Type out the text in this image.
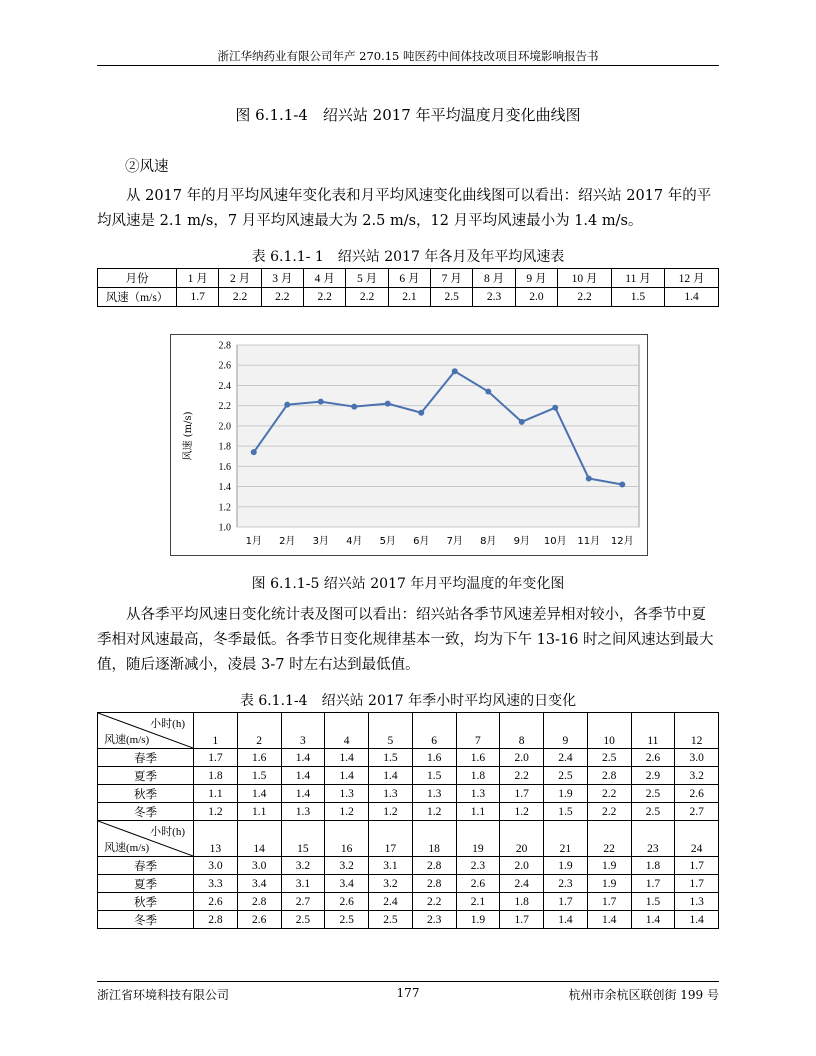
浙江华纳药业有限公司年产 270.15 吨医药中间体技改项目环境影响报告书
图 6.1.1-4　绍兴站 2017 年平均温度月变化曲线图
②风速
从 2017 年的月平均风速年变化表和月平均风速变化曲线图可以看出：绍兴站 2017 年的平均风速是 2.1 m/s，7 月平均风速最大为 2.5 m/s，12 月平均风速最小为 1.4 m/s。
表 6.1.1- 1　绍兴站 2017 年各月及年平均风速表
月份	1 月	2 月	3 月	4 月	5 月	6 月	7 月	8 月	9 月	10 月	11 月	12 月
风速（m/s）	1.7	2.2	2.2	2.2	2.2	2.1	2.5	2.3	2.0	2.2	1.5	1.4
1.0
1.2
1.4
1.6
1.8
2.0
2.2
2.4
2.6
2.8
1月 2月 3月 4月 5月 6月 7月 8月 9月 10月 11月 12月
风速 (m/s)
图 6.1.1-5 绍兴站 2017 年月平均温度的年变化图
从各季平均风速日变化统计表及图可以看出：绍兴站各季节风速差异相对较小，各季节中夏季相对风速最高，冬季最低。各季节日变化规律基本一致，均为下午 13-16 时之间风速达到最大值，随后逐渐减小，凌晨 3-7 时左右达到最低值。
表 6.1.1-4　绍兴站 2017 年季小时平均风速的日变化
小时(h)
风速(m/s)	1	2	3	4	5	6	7	8	9	10	11	12
春季	1.7	1.6	1.4	1.4	1.5	1.6	1.6	2.0	2.4	2.5	2.6	3.0
夏季	1.8	1.5	1.4	1.4	1.4	1.5	1.8	2.2	2.5	2.8	2.9	3.2
秋季	1.1	1.4	1.4	1.3	1.3	1.3	1.3	1.7	1.9	2.2	2.5	2.6
冬季	1.2	1.1	1.3	1.2	1.2	1.2	1.1	1.2	1.5	2.2	2.5	2.7

小时(h)
风速(m/s)	13	14	15	16	17	18	19	20	21	22	23	24
春季	3.0	3.0	3.2	3.2	3.1	2.8	2.3	2.0	1.9	1.9	1.8	1.7
夏季	3.3	3.4	3.1	3.4	3.2	2.8	2.6	2.4	2.3	1.9	1.7	1.7
秋季	2.6	2.8	2.7	2.6	2.4	2.2	2.1	1.8	1.7	1.7	1.5	1.3
冬季	2.8	2.6	2.5	2.5	2.5	2.3	1.9	1.7	1.4	1.4	1.4	1.4
浙江省环境科技有限公司	177	杭州市余杭区联创街 199 号
